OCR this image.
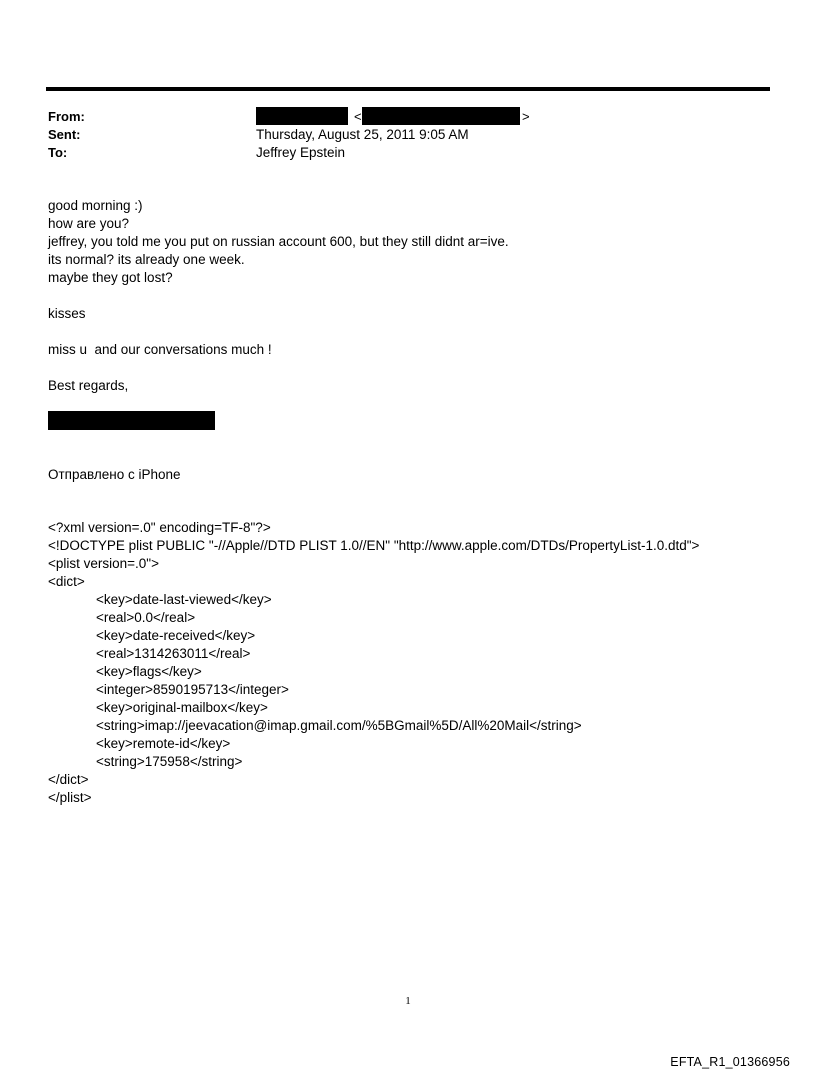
From:
Sent:
To:
<	>
Thursday, August 25, 2011 9:05 AM
Jeffrey Epstein
good morning :)
how are you?
jeffrey, you told me you put on russian account 600, but they still didnt ar=ive.
its normal? its already one week.
maybe they got lost?
kisses
miss u  and our conversations much !
Best regards,
Отправлено с iPhone
<?xml version=.0" encoding=TF-8"?>
<!DOCTYPE plist PUBLIC "-//Apple//DTD PLIST 1.0//EN" "http://www.apple.com/DTDs/PropertyList-1.0.dtd">
<plist version=.0">
<dict>
<key>date-last-viewed</key>
<real>0.0</real>
<key>date-received</key>
<real>1314263011</real>
<key>flags</key>
<integer>8590195713</integer>
<key>original-mailbox</key>
<string>imap://jeevacation@imap.gmail.com/%5BGmail%5D/All%20Mail</string>
<key>remote-id</key>
<string>175958</string>
</dict>
</plist>
1
EFTA_R1_01366956
